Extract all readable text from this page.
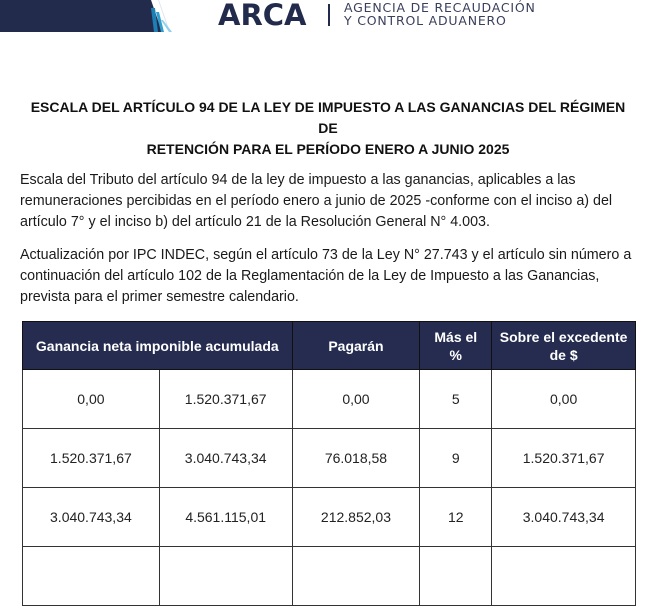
ARCA	AGENCIA DE RECAUDACIÓN
Y CONTROL ADUANERO
ESCALA DEL ARTÍCULO 94 DE LA LEY DE IMPUESTO A LAS GANANCIAS DEL RÉGIMEN DE
RETENCIÓN PARA EL PERÍODO ENERO A JUNIO 2025
Escala del Tributo del artículo 94 de la ley de impuesto a las ganancias, aplicables a las remuneraciones percibidas en el período enero a junio de 2025 -conforme con el inciso a) del artículo 7° y el inciso b) del artículo 21 de la Resolución General N° 4.003.
Actualización por IPC INDEC, según el artículo 73 de la Ley N° 27.743 y el artículo sin número a continuación del artículo 102 de la Reglamentación de la Ley de Impuesto a las Ganancias, prevista para el primer semestre calendario.
Ganancia neta imponible acumulada		Pagarán	Más el %	Sobre el excedente de $
0,00	1.520.371,67	0,00	5	0,00
1.520.371,67	3.040.743,34	76.018,58	9	1.520.371,67
3.040.743,34	4.561.115,01	212.852,03	12	3.040.743,34
